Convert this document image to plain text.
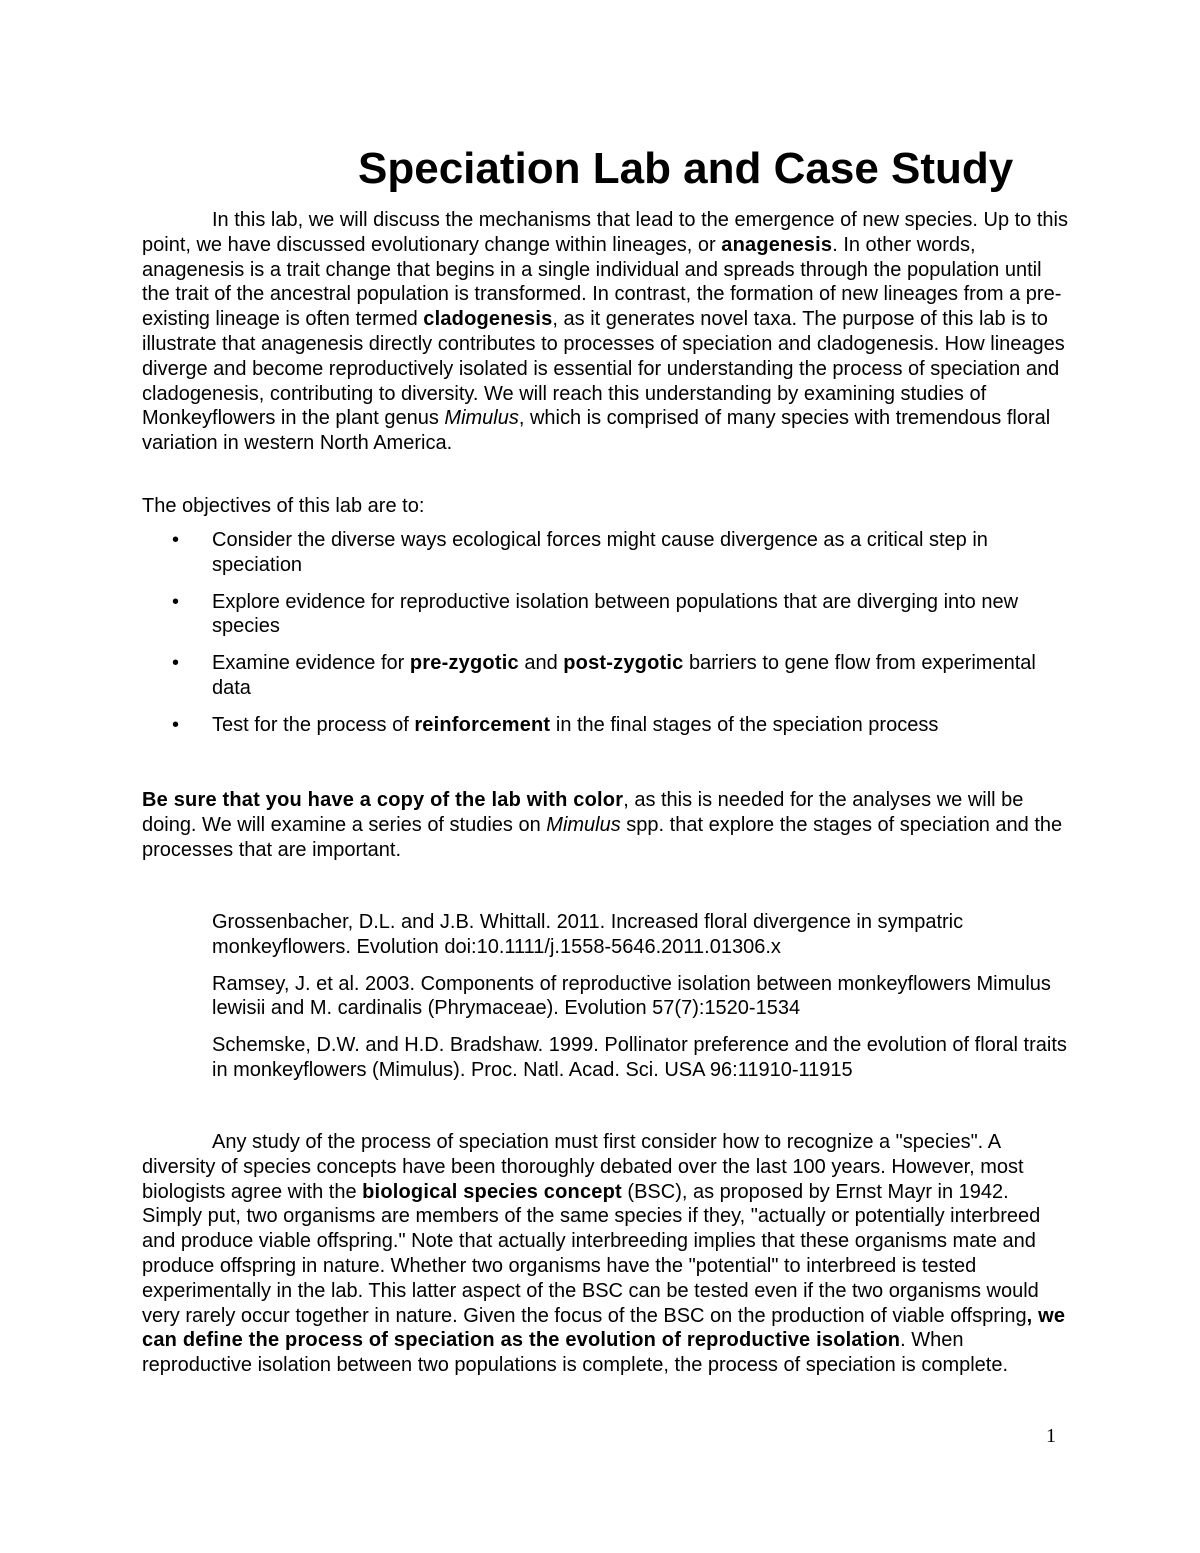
Speciation Lab and Case Study

In this lab, we will discuss the mechanisms that lead to the emergence of new species. Up to this point, we have discussed evolutionary change within lineages, or anagenesis. In other words, anagenesis is a trait change that begins in a single individual and spreads through the population until the trait of the ancestral population is transformed. In contrast, the formation of new lineages from a pre-existing lineage is often termed cladogenesis, as it generates novel taxa. The purpose of this lab is to illustrate that anagenesis directly contributes to processes of speciation and cladogenesis. How lineages diverge and become reproductively isolated is essential for understanding the process of speciation and cladogenesis, contributing to diversity. We will reach this understanding by examining studies of Monkeyflowers in the plant genus Mimulus, which is comprised of many species with tremendous floral variation in western North America.

The objectives of this lab are to:

• Consider the diverse ways ecological forces might cause divergence as a critical step in speciation
• Explore evidence for reproductive isolation between populations that are diverging into new species
• Examine evidence for pre-zygotic and post-zygotic barriers to gene flow from experimental data
• Test for the process of reinforcement in the final stages of the speciation process

Be sure that you have a copy of the lab with color, as this is needed for the analyses we will be doing. We will examine a series of studies on Mimulus spp. that explore the stages of speciation and the processes that are important.

Grossenbacher, D.L. and J.B. Whittall. 2011. Increased floral divergence in sympatric monkeyflowers. Evolution doi:10.1111/j.1558-5646.2011.01306.x

Ramsey, J. et al. 2003. Components of reproductive isolation between monkeyflowers Mimulus lewisii and M. cardinalis (Phrymaceae). Evolution 57(7):1520-1534

Schemske, D.W. and H.D. Bradshaw. 1999. Pollinator preference and the evolution of floral traits in monkeyflowers (Mimulus). Proc. Natl. Acad. Sci. USA 96:11910-11915

Any study of the process of speciation must first consider how to recognize a "species". A diversity of species concepts have been thoroughly debated over the last 100 years. However, most biologists agree with the biological species concept (BSC), as proposed by Ernst Mayr in 1942. Simply put, two organisms are members of the same species if they, "actually or potentially interbreed and produce viable offspring." Note that actually interbreeding implies that these organisms mate and produce offspring in nature. Whether two organisms have the "potential" to interbreed is tested experimentally in the lab. This latter aspect of the BSC can be tested even if the two organisms would very rarely occur together in nature. Given the focus of the BSC on the production of viable offspring, we can define the process of speciation as the evolution of reproductive isolation. When reproductive isolation between two populations is complete, the process of speciation is complete.

1
